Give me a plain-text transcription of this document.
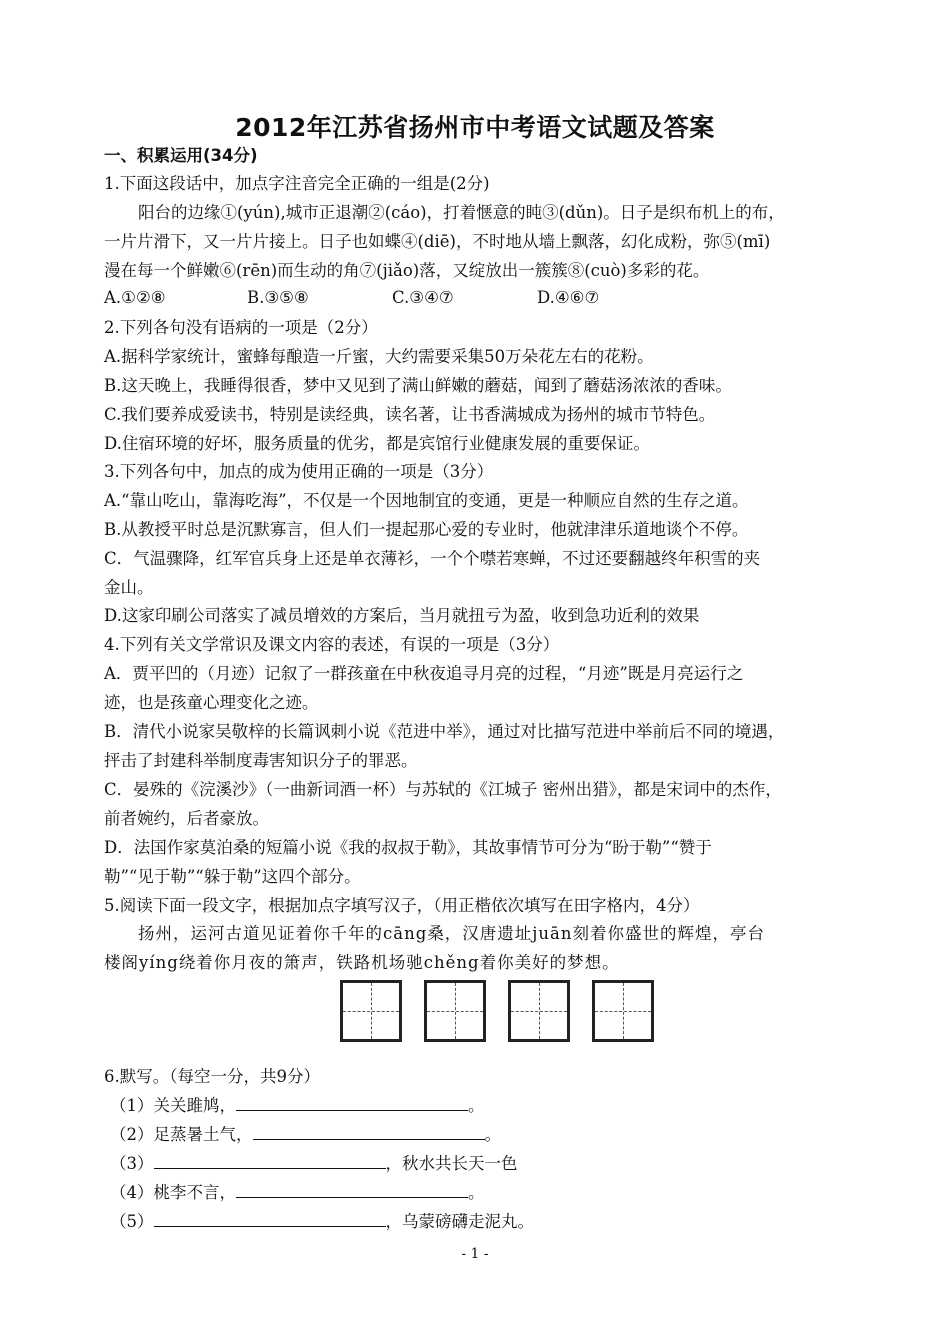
2012年江苏省扬州市中考语文试题及答案
一、积累运用(34分)
1.下面这段话中，加点字注音完全正确的一组是(2分)
阳台的边缘①(yún),城市正退潮②(cáo)，打着惬意的盹③(dǔn)。日子是织布机上的布，
一片片滑下，又一片片接上。日子也如蝶④(diē)，不时地从墙上飘落，幻化成粉，弥⑤(mī)
漫在每一个鲜嫩⑥(rēn)而生动的角⑦(jiǎo)落，又绽放出一簇簇⑧(cuò)多彩的花。
A.①②⑧	B.③⑤⑧	C.③④⑦	D.④⑥⑦
2.下列各句没有语病的一项是（2分）
A.据科学家统计，蜜蜂每酿造一斤蜜，大约需要采集50万朵花左右的花粉。
B.这天晚上，我睡得很香，梦中又见到了满山鲜嫩的蘑菇，闻到了蘑菇汤浓浓的香味。
C.我们要养成爱读书，特别是读经典，读名著，让书香满城成为扬州的城市节特色。
D.住宿环境的好坏，服务质量的优劣，都是宾馆行业健康发展的重要保证。
3.下列各句中，加点的成为使用正确的一项是（3分）
A.“靠山吃山，靠海吃海”，不仅是一个因地制宜的变通，更是一种顺应自然的生存之道。
B.从教授平时总是沉默寡言，但人们一提起那心爱的专业时，他就津津乐道地谈个不停。
C．气温骤降，红军官兵身上还是单衣薄衫，一个个噤若寒蝉，不过还要翻越终年积雪的夹
金山。
D.这家印刷公司落实了减员增效的方案后，当月就扭亏为盈，收到急功近利的效果
4.下列有关文学常识及课文内容的表述，有误的一项是（3分）
A．贾平凹的（月迹）记叙了一群孩童在中秋夜追寻月亮的过程，“月迹”既是月亮运行之
迹，也是孩童心理变化之迹。
B．清代小说家吴敬梓的长篇讽刺小说《范进中举》，通过对比描写范进中举前后不同的境遇，
抨击了封建科举制度毒害知识分子的罪恶。
C．晏殊的《浣溪沙》（一曲新词酒一杯）与苏轼的《江城子 密州出猎》，都是宋词中的杰作，
前者婉约，后者豪放。
D．法国作家莫泊桑的短篇小说《我的叔叔于勒》，其故事情节可分为“盼于勒”“赞于
勒”“见于勒”“躲于勒”这四个部分。
5.阅读下面一段文字，根据加点字填写汉子，（用正楷依次填写在田字格内，4分）
扬州，运河古道见证着你千年的cāng桑，汉唐遗址juān刻着你盛世的辉煌，亭台
楼阁yíng绕着你月夜的箫声，铁路机场驰chěng着你美好的梦想。
6.默写。（每空一分，共9分）
（1）关关雎鸠，	。
（2）足蒸暑土气，	。
（3）	，秋水共长天一色
（4）桃李不言，	。
（5）	，乌蒙磅礴走泥丸。
- 1 -
